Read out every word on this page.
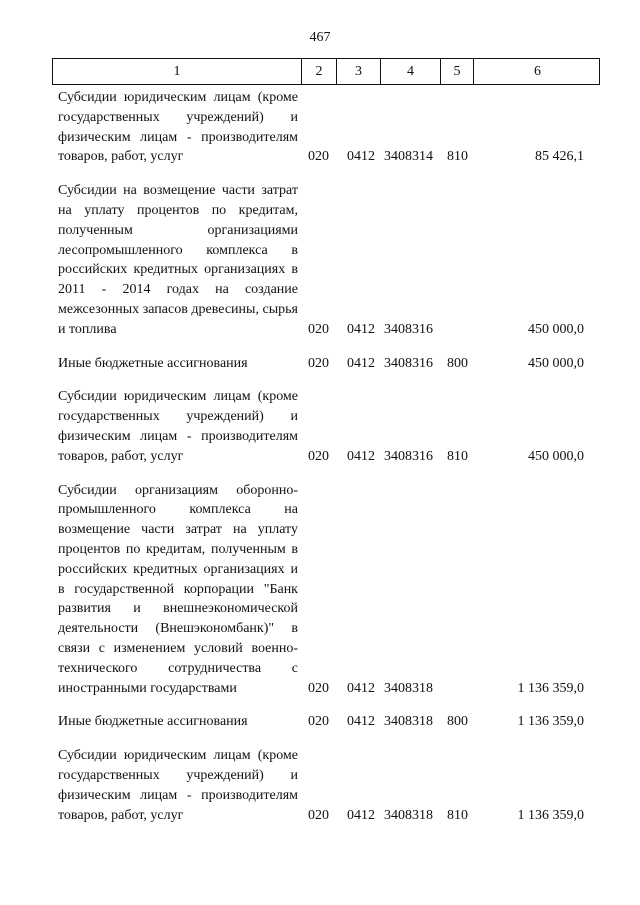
467
1	2	3	4	5	6
Субсидии юридическим лицам (кроме государственных учреждений) и физическим лицам - производителям товаров, работ, услуг	020 0412 3408314 810	85 426,1
Субсидии на возмещение части затрат на уплату процентов по кредитам, полученным организациями лесопромышленного комплекса в российских кредитных организациях в 2011 - 2014 годах на создание межсезонных запасов древесины, сырья и топлива	020 0412 3408316	450 000,0
Иные бюджетные ассигнования	020 0412 3408316 800	450 000,0
Субсидии юридическим лицам (кроме государственных учреждений) и физическим лицам - производителям товаров, работ, услуг	020 0412 3408316 810	450 000,0
Субсидии организациям оборонно-промышленного комплекса на возмещение части затрат на уплату процентов по кредитам, полученным в российских кредитных организациях и в государственной корпорации "Банк развития и внешнеэкономической деятельности (Внешэкономбанк)" в связи с изменением условий военно-технического сотрудничества с иностранными государствами	020 0412 3408318	1 136 359,0
Иные бюджетные ассигнования	020 0412 3408318 800	1 136 359,0
Субсидии юридическим лицам (кроме государственных учреждений) и физическим лицам - производителям товаров, работ, услуг	020 0412 3408318 810	1 136 359,0
